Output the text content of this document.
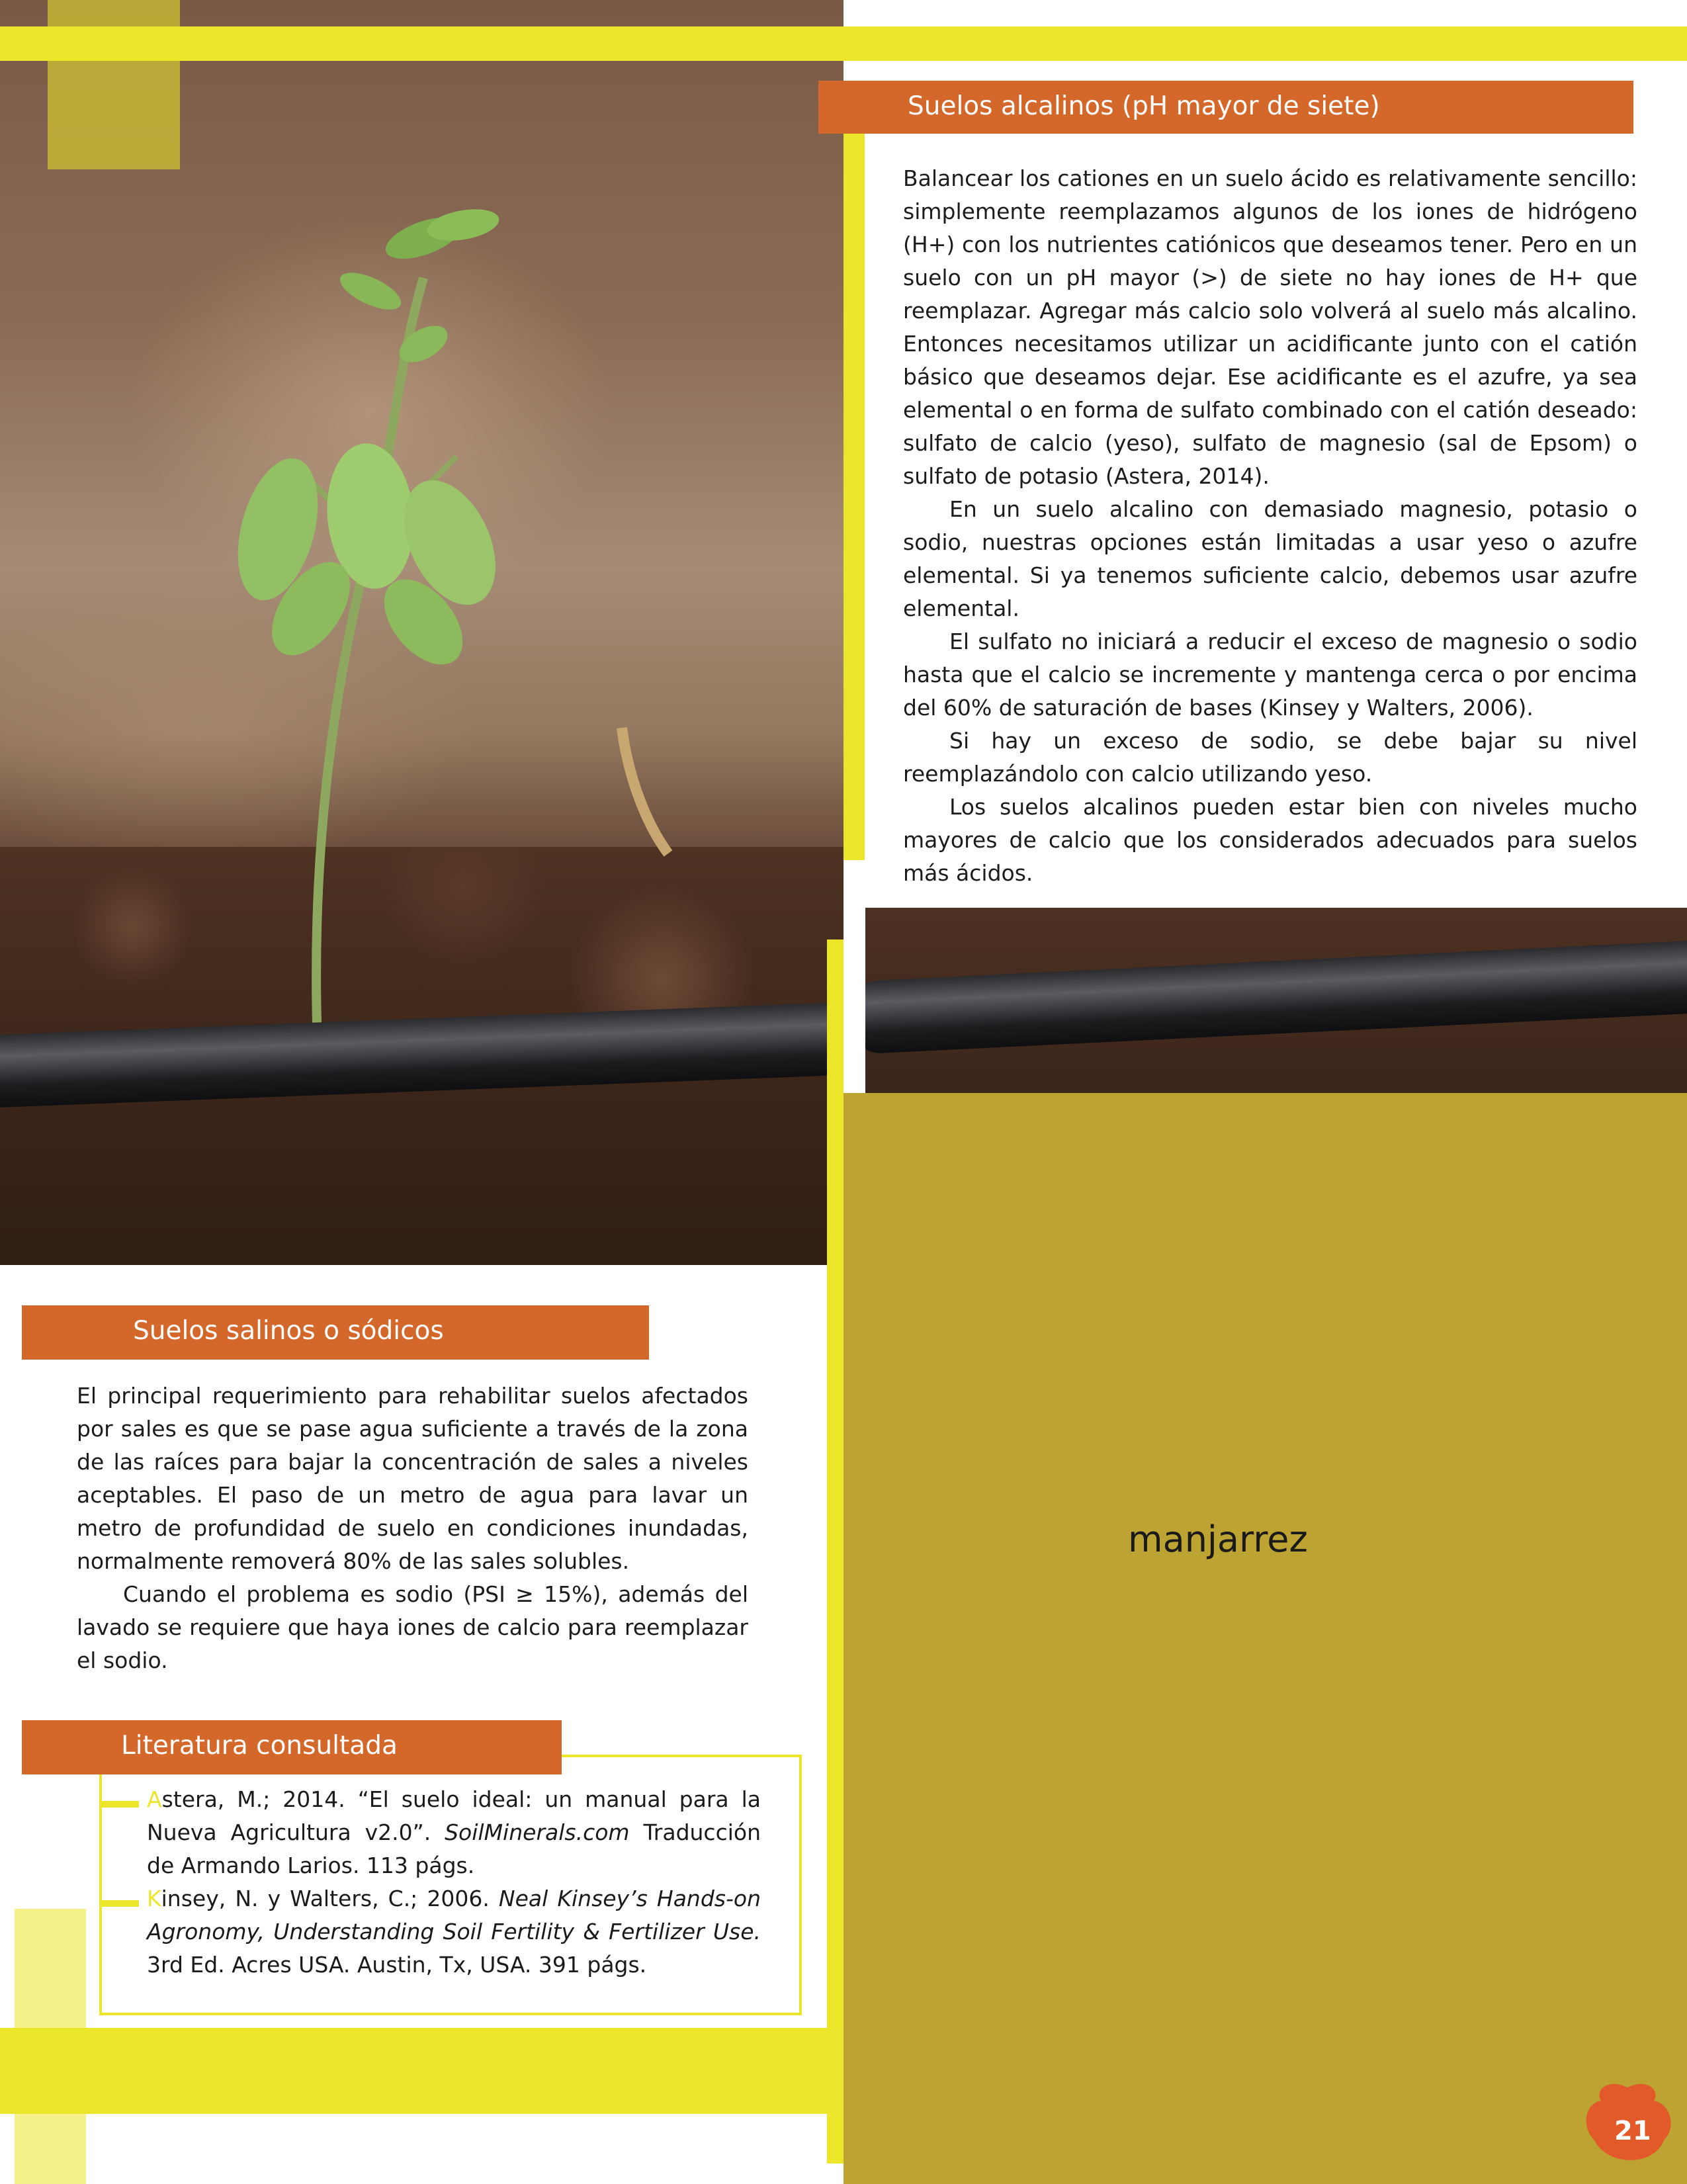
manjarrez
21
Suelos alcalinos (pH mayor de siete)

Balancear los cationes en un suelo ácido es relativamente sencillo: simplemente reemplazamos algunos de los iones de hidrógeno (H+) con los nutrientes catiónicos que deseamos tener. Pero en un suelo con un pH mayor (>) de siete no hay iones de H+ que reemplazar. Agregar más calcio solo volverá al suelo más alcalino. Entonces necesitamos utilizar un acidificante junto con el catión básico que deseamos dejar. Ese acidificante es el azufre, ya sea elemental o en forma de sulfato combinado con el catión deseado: sulfato de calcio (yeso), sulfato de magnesio (sal de Epsom) o sulfato de potasio (Astera, 2014).

En un suelo alcalino con demasiado magnesio, potasio o sodio, nuestras opciones están limitadas a usar yeso o azufre elemental. Si ya tenemos suficiente calcio, debemos usar azufre elemental.

El sulfato no iniciará a reducir el exceso de magnesio o sodio hasta que el calcio se incremente y mantenga cerca o por encima del 60% de saturación de bases (Kinsey y Walters, 2006).

Si hay un exceso de sodio, se debe bajar su nivel reemplazándolo con calcio utilizando yeso.

Los suelos alcalinos pueden estar bien con niveles mucho mayores de calcio que los considerados adecuados para suelos más ácidos.

Suelos salinos o sódicos

El principal requerimiento para rehabilitar suelos afectados por sales es que se pase agua suficiente a través de la zona de las raíces para bajar la concentración de sales a niveles aceptables. El paso de un metro de agua para lavar un metro de profundidad de suelo en condiciones inundadas, normalmente removerá 80% de las sales solubles.

Cuando el problema es sodio (PSI ≥ 15%), además del lavado se requiere que haya iones de calcio para reemplazar el sodio.

Literatura consultada

Astera, M.; 2014. “El suelo ideal: un manual para la Nueva Agricultura v2.0”. SoilMinerals.com Traducción de Armando Larios. 113 págs.

Kinsey, N. y Walters, C.; 2006. Neal Kinsey’s Hands-on Agronomy, Understanding Soil Fertility & Fertilizer Use. 3rd Ed. Acres USA. Austin, Tx, USA. 391 págs.
